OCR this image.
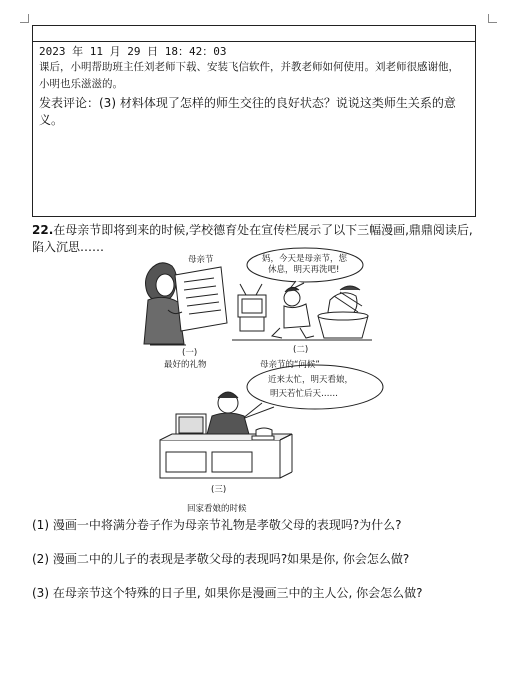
2023 年 11 月 29 日 18：42：03
课后，小明帮助班主任刘老师下载、安装飞信软件，并教老师如何使用。刘老师很感谢他，小明也乐滋滋的。
发表评论：(3) 材料体现了怎样的师生交往的良好状态？说说这类师生关系的意义。
22.在母亲节即将到来的时候,学校德育处在宣传栏展示了以下三幅漫画,鼎鼎阅读后,陷入沉思……
母亲节
(一)
最好的礼物
妈，今天是母亲节，您
休息，明天再洗吧!
(二)
母亲节的“问候”
近来太忙，明天看娘，
明天若忙后天……
(三)
回家看娘的时候
(1) 漫画一中将满分卷子作为母亲节礼物是孝敬父母的表现吗?为什么?
(2) 漫画二中的儿子的表现是孝敬父母的表现吗?如果是你, 你会怎么做?
(3) 在母亲节这个特殊的日子里, 如果你是漫画三中的主人公, 你会怎么做?
